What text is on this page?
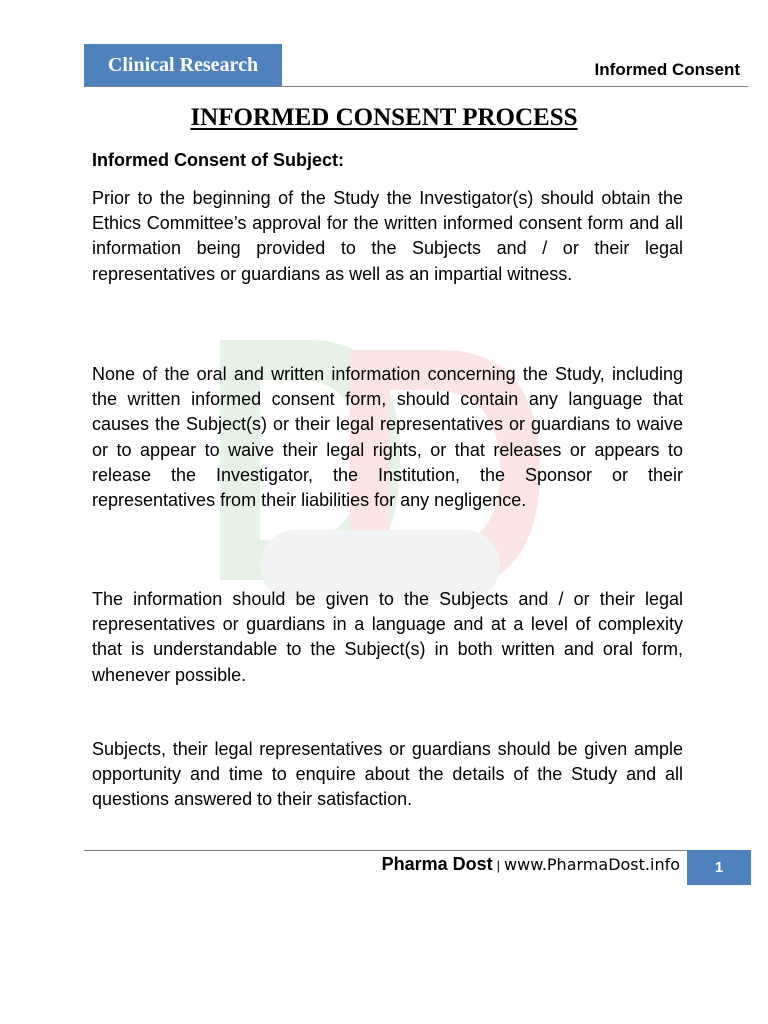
Clinical Research	Informed Consent
INFORMED CONSENT PROCESS
Informed Consent of Subject:

Prior to the beginning of the Study the Investigator(s) should obtain the Ethics Committee’s approval for the written informed consent form and all information being provided to the Subjects and / or their legal representatives or guardians as well as an impartial witness.

None of the oral and written information concerning the Study, including the written informed consent form, should contain any language that causes the Subject(s) or their legal representatives or guardians to waive or to appear to waive their legal rights, or that releases or appears to release the Investigator, the Institution, the Sponsor or their representatives from their liabilities for any negligence.

The information should be given to the Subjects and / or their legal representatives or guardians in a language and at a level of complexity that is understandable to the Subject(s) in both written and oral form, whenever possible.

Subjects, their legal representatives or guardians should be given ample opportunity and time to enquire about the details of the Study and all questions answered to their satisfaction.

Pharma Dost | www.PharmaDost.info 1
